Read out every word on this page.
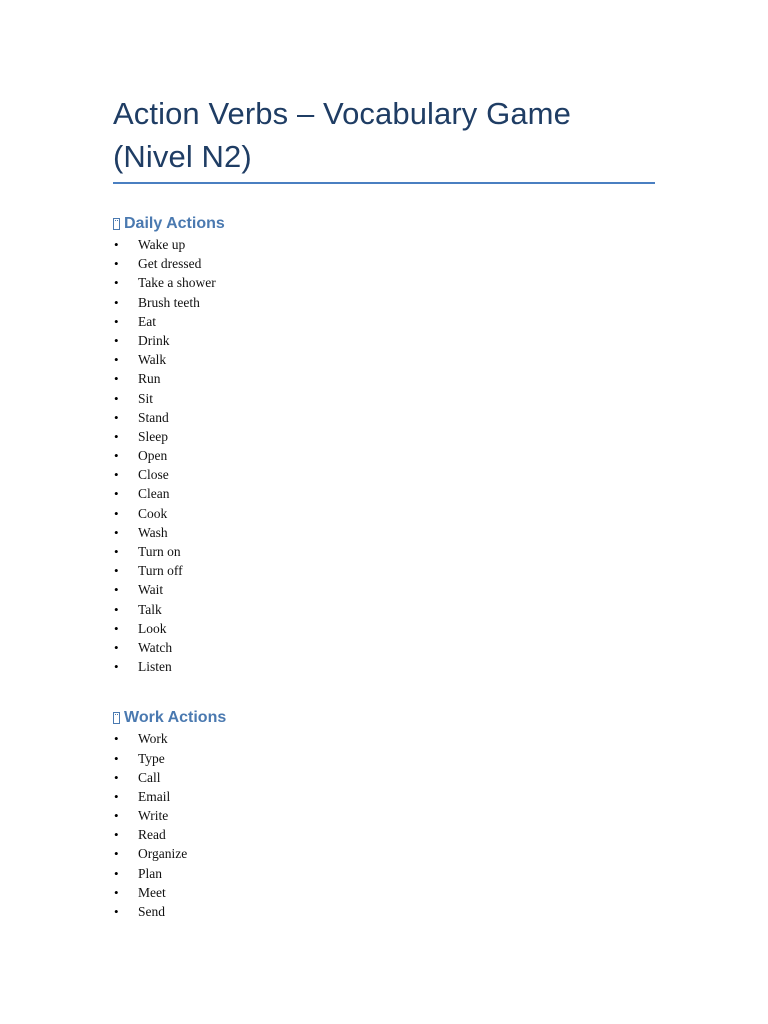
Action Verbs – Vocabulary Game (Nivel N2)
Daily Actions
• Wake up
• Get dressed
• Take a shower
• Brush teeth
• Eat
• Drink
• Walk
• Run
• Sit
• Stand
• Sleep
• Open
• Close
• Clean
• Cook
• Wash
• Turn on
• Turn off
• Wait
• Talk
• Look
• Watch
• Listen
Work Actions
• Work
• Type
• Call
• Email
• Write
• Read
• Organize
• Plan
• Meet
• Send
